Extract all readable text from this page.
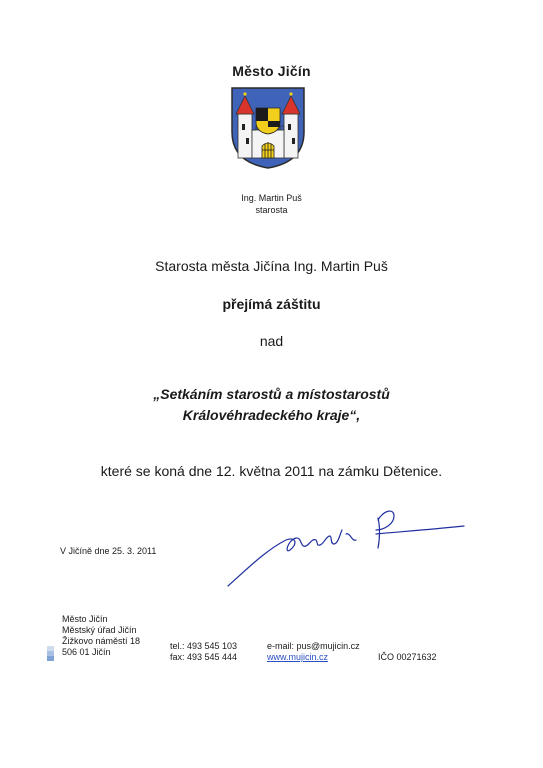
Město Jičín
Ing. Martin Puš
starosta
Starosta města Jičína Ing. Martin Puš
přejímá záštitu
nad
„Setkáním starostů a místostarostů
Královéhradeckého kraje“,
které se koná dne 12. května 2011 na zámku Dětenice.
V Jičíně dne 25. 3. 2011
Město Jičín
Městský úřad Jičín
Žižkovo náměstí 18
506 01 Jičín
tel.: 493 545 103
fax: 493 545 444
e-mail: pus@mujicin.cz
www.mujicin.cz	IČO 00271632
